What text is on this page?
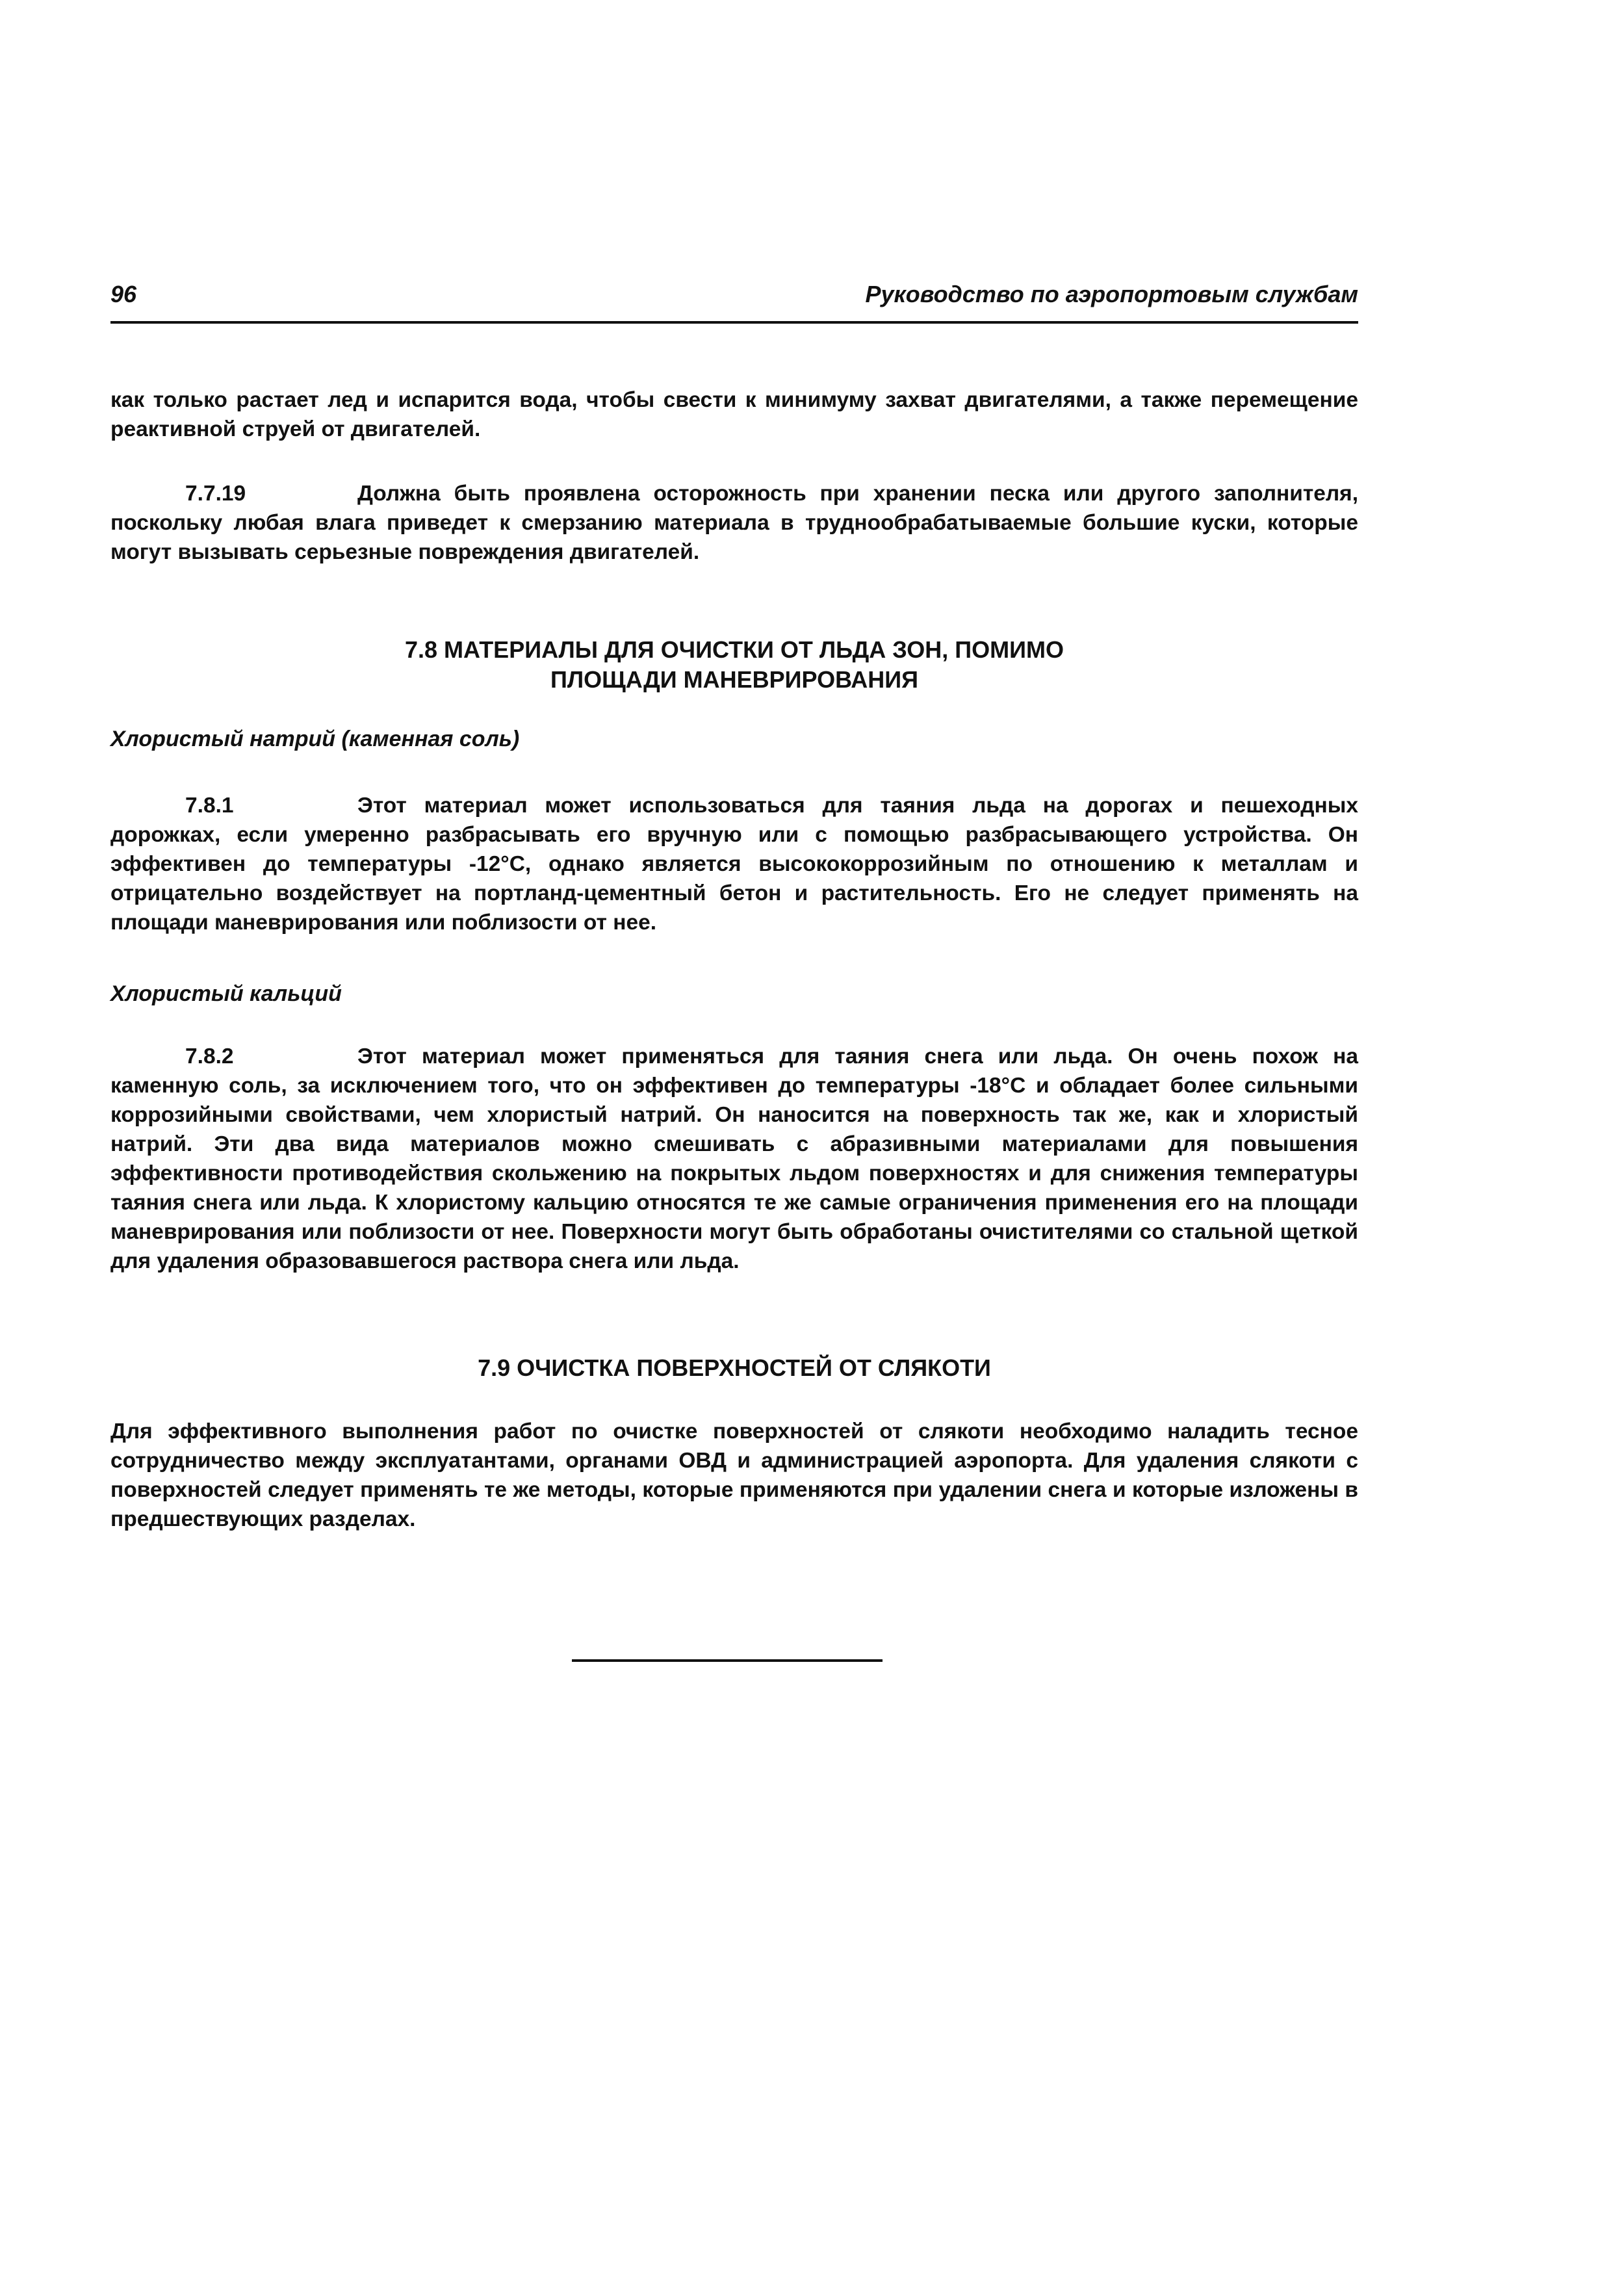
96	Руководство по аэропортовым службам

как только растает лед и испарится вода, чтобы свести к минимуму захват двигателями, а также перемещение реактивной струей от двигателей.

7.7.19	Должна быть проявлена осторожность при хранении песка или другого заполнителя, поскольку любая влага приведет к смерзанию материала в труднообрабатываемые большие куски, которые могут вызывать серьезные повреждения двигателей.

7.8 МАТЕРИАЛЫ ДЛЯ ОЧИСТКИ ОТ ЛЬДА ЗОН, ПОМИМО
ПЛОЩАДИ МАНЕВРИРОВАНИЯ

Хлористый натрий (каменная соль)

7.8.1	Этот материал может использоваться для таяния льда на дорогах и пешеходных дорожках, если умеренно разбрасывать его вручную или с помощью разбрасывающего устройства. Он эффективен до температуры -12°С, однако является высококоррозийным по отношению к металлам и отрицательно воздействует на портланд-цементный бетон и растительность. Его не следует применять на площади маневрирования или поблизости от нее.

Хлористый кальций

7.8.2	Этот материал может применяться для таяния снега или льда. Он очень похож на каменную соль, за исключением того, что он эффективен до температуры -18°С и обладает более сильными коррозийными свойствами, чем хлористый натрий. Он наносится на поверхность так же, как и хлористый натрий. Эти два вида материалов можно смешивать с абразивными материалами для повышения эффективности противодействия скольжению на покрытых льдом поверхностях и для снижения температуры таяния снега или льда. К хлористому кальцию относятся те же самые ограничения применения его на площади маневрирования или поблизости от нее. Поверхности могут быть обработаны очистителями со стальной щеткой для удаления образовавшегося раствора снега или льда.

7.9 ОЧИСТКА ПОВЕРХНОСТЕЙ ОТ СЛЯКОТИ

Для эффективного выполнения работ по очистке поверхностей от слякоти необходимо наладить тесное сотрудничество между эксплуатантами, органами ОВД и администрацией аэропорта. Для удаления слякоти с поверхностей следует применять те же методы, которые применяются при удалении снега и которые изложены в предшествующих разделах.
